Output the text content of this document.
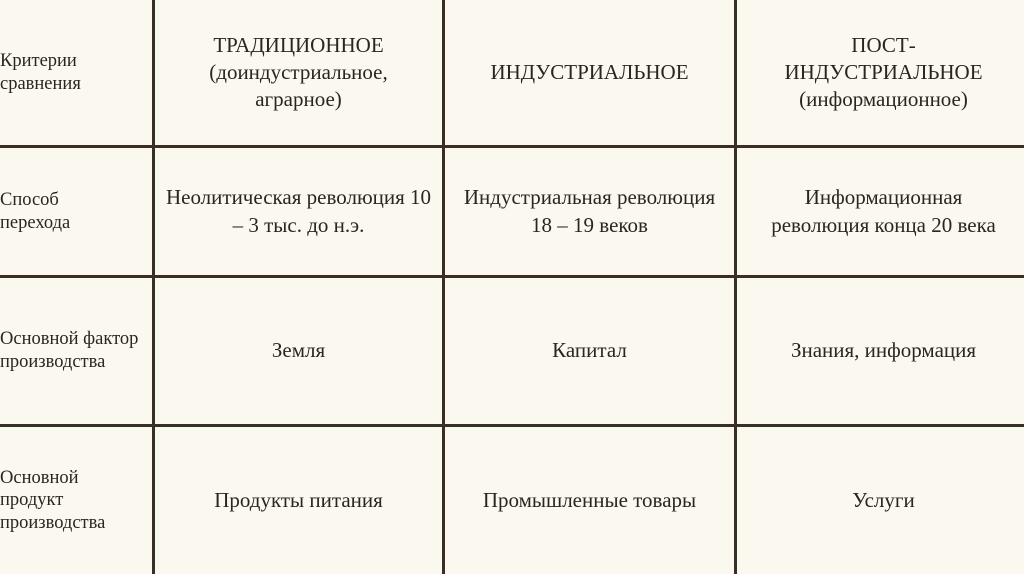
Критерии сравнения	ТРАДИЦИОННОЕ (доиндустриальное, аграрное)	ИНДУСТРИАЛЬНОЕ	ПОСТ-ИНДУСТРИАЛЬНОЕ (информационное)

Способ перехода	Неолитическая революция 10 – 3 тыс. до н.э.	Индустриальная революция 18 – 19 веков	Информационная революция конца 20 века

Основной фактор производства	Земля	Капитал	Знания, информация

Основной продукт производства	Продукты питания	Промышленные товары	Услуги
